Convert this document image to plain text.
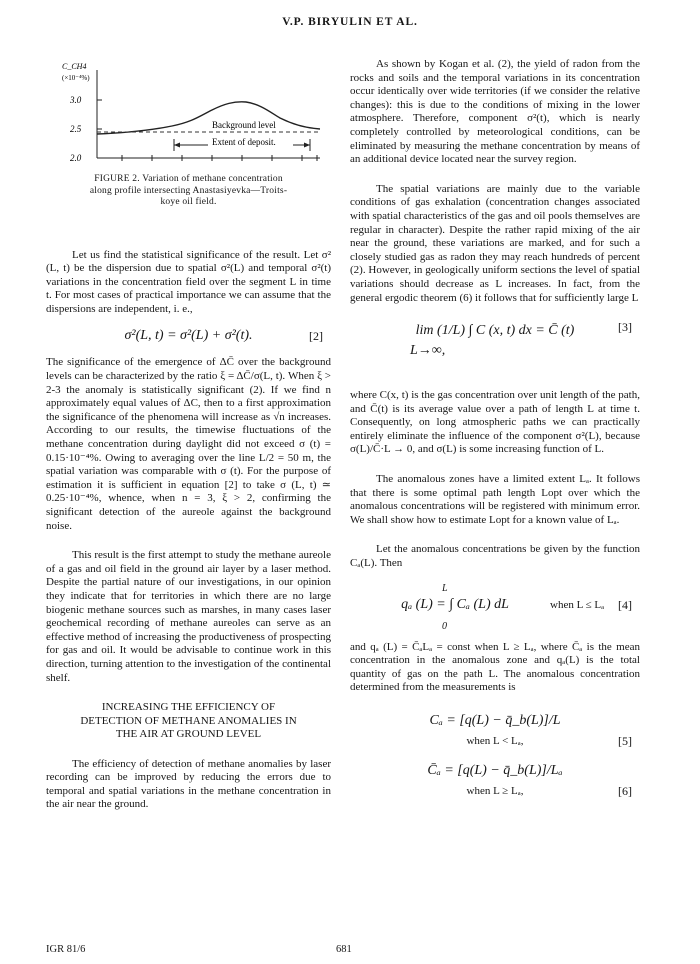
V.P. BIRYULIN ET AL.
C_CH4
(×10⁻⁴%)
3.0
2.5
2.0
Background level
Extent of deposit.
FIGURE 2. Variation of methane concentration
along profile intersecting Anastasiyevka—Troits-
koye oil field.

Let us find the statistical significance of the result. Let σ² (L, t) be the dispersion due to spatial σ²(L) and temporal σ²(t) variations in the concentration field over the segment L in time t. For most cases of practical importance we can assume that the dispersions are independent, i. e.,

σ²(L, t) = σ²(L) + σ²(t).	[2]

The significance of the emergence of ΔC̄ over the background levels can be characterized by the ratio ξ = ΔC̄/σ(L, t). When ξ > 2-3 the anomaly is statistically significant (2). If we find n approximately equal values of ΔC, then to a first approximation the significance of the phenomena will increase as √n increases. According to our results, the timewise fluctuations of the methane concentration during daylight did not exceed σ (t) = 0.15·10⁻⁴%. Owing to averaging over the line L/2 = 50 m, the spatial variation was comparable with σ (t). For the purpose of estimation it is sufficient in equation [2] to take σ (L, t) ≃ 0.25·10⁻⁴%, whence, when n = 3, ξ > 2, confirming the significant detection of the aureole against the background noise.

This result is the first attempt to study the methane aureole of a gas and oil field in the ground air layer by a laser method. Despite the partial nature of our investigations, in our opinion they indicate that for territories in which there are no large biogenic methane sources such as marshes, in many cases laser geochemical recording of methane aureoles can serve as an effective method of increasing the productiveness of prospecting for gas and oil. It would be advisable to continue work in this direction, turning attention to the investigation of the continental shelf.

INCREASING THE EFFICIENCY OF
DETECTION OF METHANE ANOMALIES IN
THE AIR AT GROUND LEVEL

The efficiency of detection of methane anomalies by laser recording can be improved by reducing the errors due to temporal and spatial variations in the methane concentration in the air near the ground.

As shown by Kogan et al. (2), the yield of radon from the rocks and soils and the temporal variations in its concentration occur identically over wide territories (if we consider the relative changes): this is due to the conditions of mixing in the lower atmosphere. Therefore, component σ²(t), which is nearly completely controlled by meteorological conditions, can be eliminated by measuring the methane concentration by means of an additional device located near the survey region.

The spatial variations are mainly due to the variable conditions of gas exhalation (concentration changes associated with spatial characteristics of the gas and oil pools themselves are regular in character). Despite the rather rapid mixing of the air near the ground, these variations are marked, and for such a closely studied gas as radon they may reach hundreds of percent (2). However, in geologically uniform sections the level of spatial variations should decrease as L increases. In fact, from the general ergodic theorem (6) it follows that for sufficiently large L

lim (1/L) ∫ C (x, t) dx = C̄ (t)
L→∞,
[3]

where C(x, t) is the gas concentration over unit length of the path, and C̄(t) is its average value over a path of length L at time t. Consequently, on long atmospheric paths we can practically entirely eliminate the influence of the component σ²(L), because σ(L)/C̄·L → 0, and σ(L) is some increasing function of L.

The anomalous zones have a limited extent Lₐ. It follows that there is some optimal path length Lopt over which the anomalous concentrations will be registered with minimum error. We shall show how to estimate Lopt for a known value of Lₐ.

Let the anomalous concentrations be given by the function Cₐ(L). Then

L
qₐ (L) = ∫ Cₐ (L) dL
0
when L ≤ Lₐ [4]

and qₐ (L) = C̄ₐLₐ = const when L ≥ Lₐ, where C̄ₐ is the mean concentration in the anomalous zone and qₐ(L) is the total quantity of gas on the path L. The anomalous concentration determined from the measurements is

Cₐ = [q(L) − q̄_b(L)]/L
when L < Lₐ,	[5]
C̄ₐ = [q(L) − q̄_b(L)]/Lₐ
when L ≥ Lₐ,	[6]
IGR 81/6	681
